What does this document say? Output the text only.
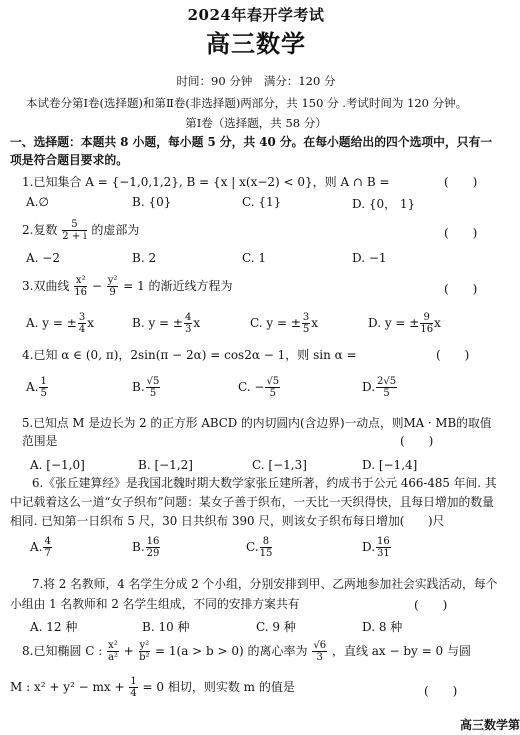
2024年春开学考试
高三数学
时间：90 分钟　满分：120 分
本试卷分第Ⅰ卷(选择题)和第Ⅱ卷(非选择题)两部分，共 150 分 .考试时间为 120 分钟。
第Ⅰ卷（选择题，共 58 分）
一、选择题：本题共 8 小题，每小题 5 分，共 40 分。在每小题给出的四个选项中，只有一项是符合题目要求的。
1.已知集合 A = {−1,0,1,2}, B = {x | x(x−2) < 0}，则 A ∩ B =	(　　)
A.∅	B. {0}	C. {1}	D. {0， 1}
2.复数 $\frac{5}{2 + i}$ 的虚部为	(　　)
A. −2	B. 2	C. 1	D. −1
3.双曲线 $\frac{\text{x²}}{16} - \frac{\text{y²}}{9} = 1$ 的渐近线方程为	(　　)
A. y = ± $\frac{3}{4}$ x	B. y = ± $\frac{4}{3}$ x	C. y = ± $\frac{3}{5}$ x	D. y = ± $\frac{9}{16}$ x
4.已知 α ∈ (0, π)，2sin(π − 2α) = cos2α − 1，则 sin α =	(　　)
A. $\frac{1}{5}$	B. $\frac{√5}{5}$	C. − $\frac{√5}{5}$	D. $\frac{2√5}{5}$
5.已知点 M 是边长为 2 的正方形 ABCD 的内切圆内(含边界)一动点，则MA · MB的取值范围是	(　　)
A. [−1,0]	B. [−1,2]	C. [−1,3]	D. [−1,4]
6.《张丘建算经》是我国北魏时期大数学家张丘建所著，约成书于公元 466-485 年间. 其中记载着这么一道“女子织布”问题：某女子善于织布，一天比一天织得快，且每日增加的数量相同. 已知第一日织布 5 尺，30 日共织布 390 尺，则该女子织布每日增加(　　)尺
A. $\frac{4}{7}$	B. $\frac{16}{29}$	C. $\frac{8}{15}$	D. $\frac{16}{31}$
7.将 2 名教师，4 名学生分成 2 个小组，分别安排到甲、乙两地参加社会实践活动，每个小组由 1 名教师和 2 名学生组成，不同的安排方案共有	(　　)
A. 12 种	B. 10 种	C. 9 种	D. 8 种
8.已知椭圆 C : $\frac{\text{x²}}{\text{a²}} + \frac{\text{y²}}{\text{b²}} = 1(a > b > 0)$ 的离心率为 $\frac{√6}{3}$ ，直线 ax − by = 0 与圆
M : x² + y² − mx + $\frac{1}{4} = 0$ 相切，则实数 m 的值是	(　　)
高三数学第
